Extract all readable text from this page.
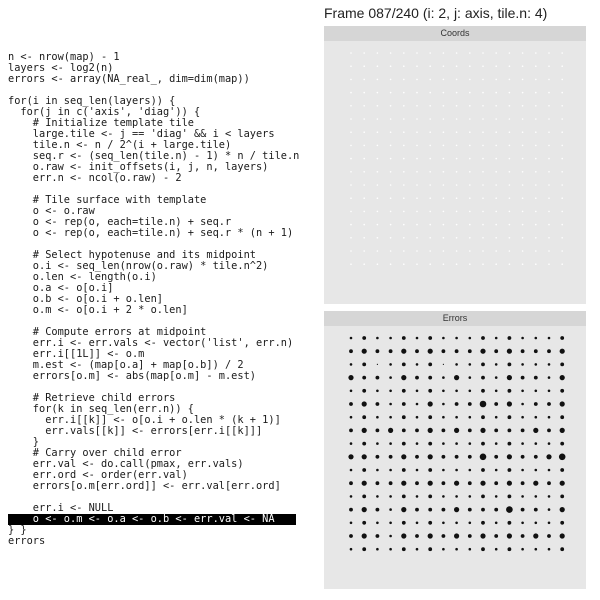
n <- nrow(map) - 1
layers <- log2(n)
errors <- array(NA_real_, dim=dim(map))
for(i in seq_len(layers)) {
for(j in c('axis', 'diag')) {
# Initialize template tile
large.tile <- j == 'diag' && i < layers
tile.n <- n / 2^(i + large.tile)
seq.r <- (seq_len(tile.n) - 1) * n / tile.n
o.raw <- init_offsets(i, j, n, layers)
err.n <- ncol(o.raw) - 2
# Tile surface with template
o <- o.raw
o <- rep(o, each=tile.n) + seq.r
o <- rep(o, each=tile.n) + seq.r * (n + 1)
# Select hypotenuse and its midpoint
o.i <- seq_len(nrow(o.raw) * tile.n^2)
o.len <- length(o.i)
o.a <- o[o.i]
o.b <- o[o.i + o.len]
o.m <- o[o.i + 2 * o.len]
# Compute errors at midpoint
err.i <- err.vals <- vector('list', err.n)
err.i[[1L]] <- o.m
m.est <- (map[o.a] + map[o.b]) / 2
errors[o.m] <- abs(map[o.m] - m.est)
# Retrieve child errors
for(k in seq_len(err.n)) {
err.i[[k]] <- o[o.i + o.len * (k + 1)]
err.vals[[k]] <- errors[err.i[[k]]]
}
# Carry over child error
err.val <- do.call(pmax, err.vals)
err.ord <- order(err.val)
errors[o.m[err.ord]] <- err.val[err.ord]
err.i <- NULL
o <- o.m <- o.a <- o.b <- err.val <- NA
} }
errors
Frame 087/240 (i: 2, j: axis, tile.n: 4)
Coords
Errors
